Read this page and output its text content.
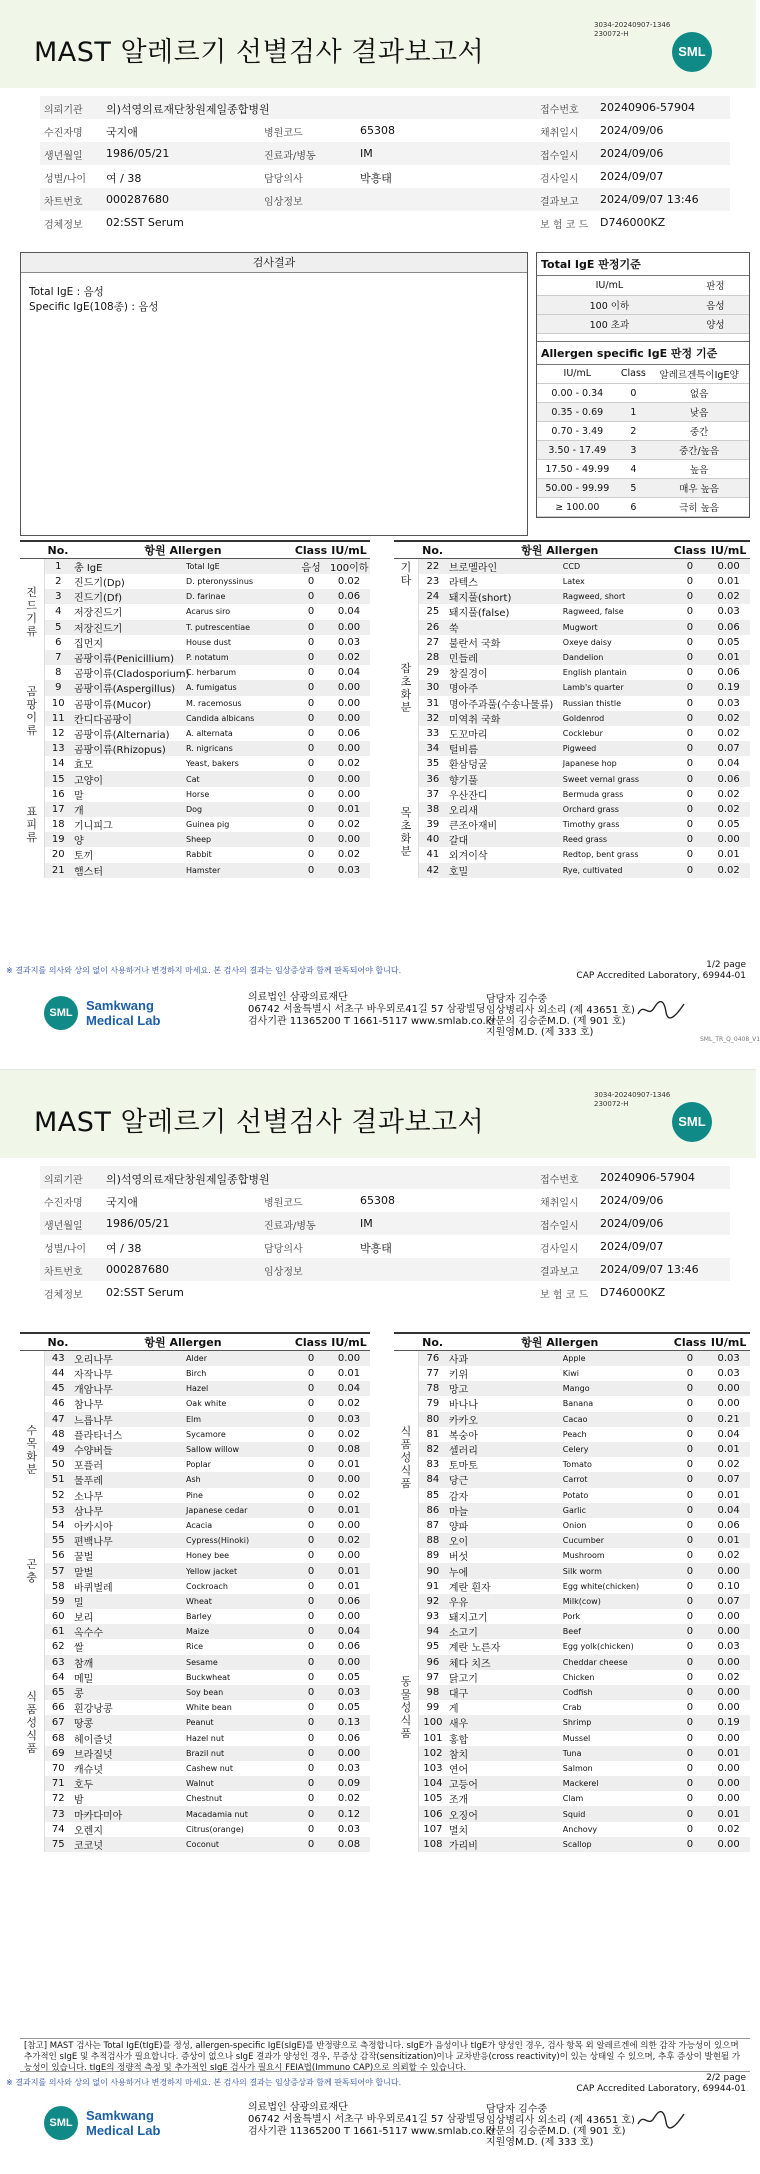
MAST 알레르기 선별검사 결과보고서
3034-20240907-1346
230072-H
SML
의뢰기관 의)석영의료재단창원제일종합병원	접수번호 20240906-57904
수진자명 국지애	병원코드	65308	채취일시 2024/09/06
생년월일 1986/05/21	진료과/병동	IM	접수일시 2024/09/06
성별/나이 여 / 38	담당의사	박흥태	검사일시 2024/09/07
차트번호 000287680	임상정보	결과보고 2024/09/07 13:46
검체정보 02:SST Serum	보 험 코 드 D746000KZ
검사결과
Total IgE : 음성
Specific IgE(108종) : 음성
Total IgE 판정기준
IU/mL	판정
100 이하	음성
100 초과	양성
Allergen specific IgE 판정 기준
IU/mL	Class	알레르겐특이IgE양
0.00 - 0.34	0	없음
0.35 - 0.69	1	낮음
0.70 - 3.49	2	중간
3.50 - 17.49	3	중간/높음
17.50 - 49.99	4	높음
50.00 - 99.99	5	매우 높음
≥ 100.00	6	극히 높음
	No.	항원 Allergen		Class	IU/mL
	1	총 IgE	Total IgE	음성	100이하
진드기류	2	진드기(Dp)	D. pteronyssinus	0	0.02
	3	진드기(Df)	D. farinae	0	0.06
	4	저장진드기	Acarus siro	0	0.04
	5	저장진드기	T. putrescentiae	0	0.00
	6	집먼지	House dust	0	0.03
곰팡이류	7	곰팡이류(Penicillium)	P. notatum	0	0.02
	8	곰팡이류(Cladosporium)	C. herbarum	0	0.04
	9	곰팡이류(Aspergillus)	A. fumigatus	0	0.00
	10	곰팡이류(Mucor)	M. racemosus	0	0.00
	11	칸디다곰팡이	Candida albicans	0	0.00
	12	곰팡이류(Alternaria)	A. alternata	0	0.06
	13	곰팡이류(Rhizopus)	R. nigricans	0	0.00
	14	효모	Yeast, bakers	0	0.02
표피류	15	고양이	Cat	0	0.00
	16	말	Horse	0	0.00
	17	개	Dog	0	0.01
	18	기니피그	Guinea pig	0	0.02
	19	양	Sheep	0	0.00
	20	토끼	Rabbit	0	0.02
	21	햄스터	Hamster	0	0.03
	No.	항원 Allergen		Class	IU/mL
기타	22	브로멜라인	CCD	0	0.00
	23	라텍스	Latex	0	0.01
잡초화분	24	돼지풀(short)	Ragweed, short	0	0.02
	25	돼지풀(false)	Ragweed, false	0	0.03
	26	쑥	Mugwort	0	0.06
	27	불란서 국화	Oxeye daisy	0	0.05
	28	민들레	Dandelion	0	0.01
	29	창질경이	English plantain	0	0.06
	30	명아주	Lamb's quarter	0	0.19
	31	명아주과풀(수송나물류)	Russian thistle	0	0.03
	32	미역취 국화	Goldenrod	0	0.02
	33	도꼬마리	Cocklebur	0	0.02
	34	털비름	Pigweed	0	0.07
	35	환삼덩굴	Japanese hop	0	0.04
	36	향기풀	Sweet vernal grass	0	0.06
목초화분	37	우산잔디	Bermuda grass	0	0.02
	38	오리새	Orchard grass	0	0.02
	39	큰조아재비	Timothy grass	0	0.05
	40	갈대	Reed grass	0	0.00
	41	외겨이삭	Redtop, bent grass	0	0.01
	42	호밀	Rye, cultivated	0	0.02
1/2 page
CAP Accredited Laboratory, 69944-01
※ 결과지를 의사와 상의 없이 사용하거나 변경하지 마세요. 본 검사의 결과는 임상증상과 함께 판독되어야 합니다.
SML	Samkwang
Medical Lab
의료법인 삼광의료재단
06742 서울특별시 서초구 바우뫼로41길 57 삼광빌딩
검사기관 11365200 T 1661-5117 www.smlab.co.kr
담당자 김수중
임상병리사 외소리 (제 43651 호)
전문의 김승준M.D. (제 901 호)
지원영M.D. (제 333 호)
SML_TR_Q_0408_V1
MAST 알레르기 선별검사 결과보고서
3034-20240907-1346
230072-H
SML
의뢰기관 의)석영의료재단창원제일종합병원	접수번호 20240906-57904
수진자명 국지애	병원코드	65308	채취일시 2024/09/06
생년월일 1986/05/21	진료과/병동	IM	접수일시 2024/09/06
성별/나이 여 / 38	담당의사	박흥태	검사일시 2024/09/07
차트번호 000287680	임상정보	결과보고 2024/09/07 13:46
검체정보 02:SST Serum	보 험 코 드 D746000KZ
	No.	항원 Allergen		Class	IU/mL
수목화분	43	오리나무	Alder	0	0.00
	44	자작나무	Birch	0	0.01
	45	개암나무	Hazel	0	0.04
	46	참나무	Oak white	0	0.02
	47	느릅나무	Elm	0	0.03
	48	플라타너스	Sycamore	0	0.02
	49	수양버들	Sallow willow	0	0.08
	50	포플러	Poplar	0	0.01
	51	물푸레	Ash	0	0.00
	52	소나무	Pine	0	0.02
	53	삼나무	Japanese cedar	0	0.01
	54	아카시아	Acacia	0	0.00
	55	편백나무	Cypress(Hinoki)	0	0.02
곤충	56	꿀벌	Honey bee	0	0.00
	57	말벌	Yellow jacket	0	0.01
	58	바퀴벌레	Cockroach	0	0.01
식품성식품	59	밀	Wheat	0	0.06
	60	보리	Barley	0	0.00
	61	옥수수	Maize	0	0.04
	62	쌀	Rice	0	0.06
	63	참깨	Sesame	0	0.00
	64	메밀	Buckwheat	0	0.05
	65	콩	Soy bean	0	0.03
	66	흰강낭콩	White bean	0	0.05
	67	땅콩	Peanut	0	0.13
	68	헤이즐넛	Hazel nut	0	0.06
	69	브라질넛	Brazil nut	0	0.00
	70	캐슈넛	Cashew nut	0	0.03
	71	호두	Walnut	0	0.09
	72	밤	Chestnut	0	0.02
	73	마카다미아	Macadamia nut	0	0.12
	74	오렌지	Citrus(orange)	0	0.03
	75	코코넛	Coconut	0	0.08
	No.	항원 Allergen		Class	IU/mL
식품성식품	76	사과	Apple	0	0.03
	77	키위	Kiwi	0	0.03
	78	망고	Mango	0	0.00
	79	바나나	Banana	0	0.00
	80	카카오	Cacao	0	0.21
	81	복숭아	Peach	0	0.04
	82	셀러리	Celery	0	0.01
	83	토마토	Tomato	0	0.02
	84	당근	Carrot	0	0.07
	85	감자	Potato	0	0.01
	86	마늘	Garlic	0	0.04
	87	양파	Onion	0	0.06
	88	오이	Cucumber	0	0.01
	89	버섯	Mushroom	0	0.02
동물성식품	90	누에	Silk worm	0	0.00
	91	계란 흰자	Egg white(chicken)	0	0.10
	92	우유	Milk(cow)	0	0.07
	93	돼지고기	Pork	0	0.00
	94	소고기	Beef	0	0.00
	95	계란 노른자	Egg yolk(chicken)	0	0.03
	96	체다 치즈	Cheddar cheese	0	0.00
	97	닭고기	Chicken	0	0.02
	98	대구	Codfish	0	0.00
	99	게	Crab	0	0.00
	100	새우	Shrimp	0	0.19
	101	홍합	Mussel	0	0.00
	102	참치	Tuna	0	0.01
	103	연어	Salmon	0	0.00
	104	고등어	Mackerel	0	0.00
	105	조개	Clam	0	0.00
	106	오징어	Squid	0	0.01
	107	멸치	Anchovy	0	0.02
	108	가리비	Scallop	0	0.00
[참고] MAST 검사는 Total IgE(tIgE)를 정성, allergen-specific IgE(sIgE)를 반정량으로 측정합니다. sIgE가 음성이나 tIgE가 양성인 경우, 검사 항목 외 알레르겐에 의한 감작 가능성이 있으며 추가적인 sIgE 및 추적검사가 필요합니다. 증상이 없으나 sIgE 결과가 양성인 경우, 무증상 감작(sensitization)이나 교차반응(cross reactivity)이 있는 상태일 수 있으며, 추후 증상이 발현될 가능성이 있습니다. tIgE의 정량적 측정 및 추가적인 sIgE 검사가 필요시 FEIA법(Immuno CAP)으로 의뢰할 수 있습니다.
2/2 page
CAP Accredited Laboratory, 69944-01
※ 결과지를 의사와 상의 없이 사용하거나 변경하지 마세요. 본 검사의 결과는 임상증상과 함께 판독되어야 합니다.
SML	Samkwang
Medical Lab
의료법인 삼광의료재단
06742 서울특별시 서초구 바우뫼로41길 57 삼광빌딩
검사기관 11365200 T 1661-5117 www.smlab.co.kr
담당자 김수중
임상병리사 외소리 (제 43651 호)
전문의 김승준M.D. (제 901 호)
지원영M.D. (제 333 호)
